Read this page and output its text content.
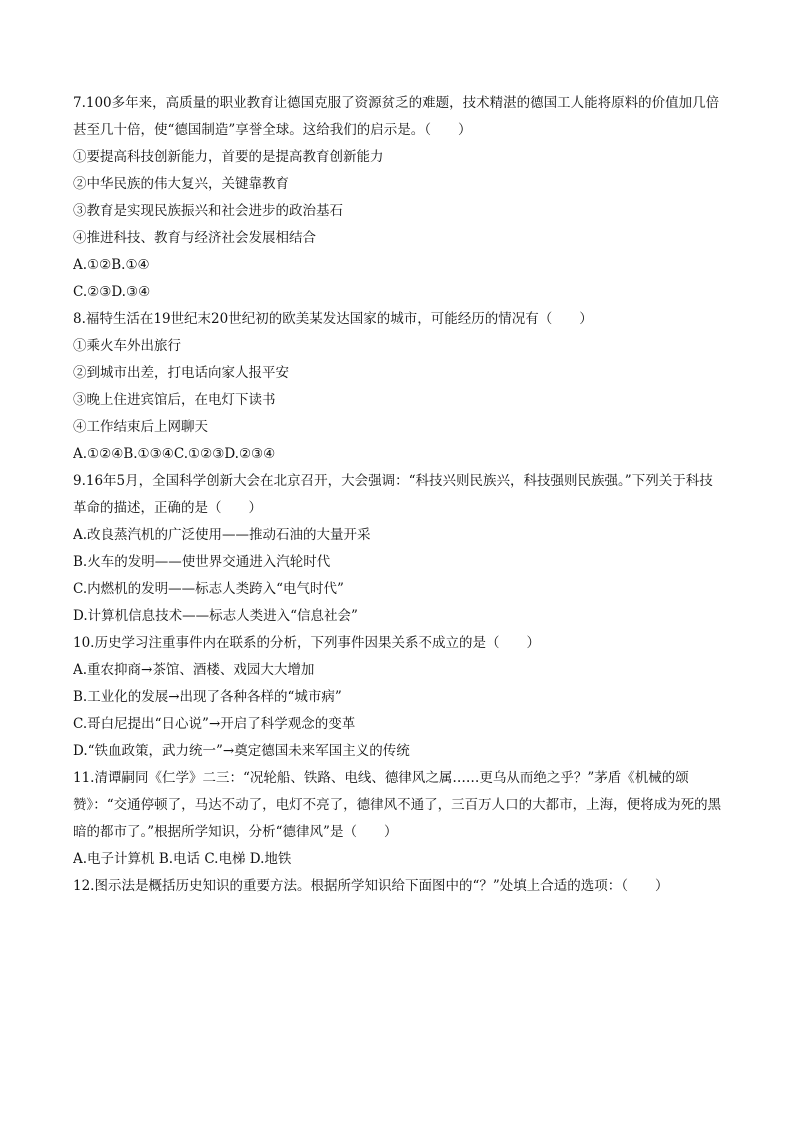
7.100多年来，高质量的职业教育让德国克服了资源贫乏的难题，技术精湛的德国工人能将原料的价值加几倍甚至几十倍，使“德国制造”享誉全球。这给我们的启示是。（　　）
①要提高科技创新能力，首要的是提高教育创新能力
②中华民族的伟大复兴，关键靠教育
③教育是实现民族振兴和社会进步的政治基石
④推进科技、教育与经济社会发展相结合
A.①②B.①④
C.②③D.③④
8.福特生活在19世纪末20世纪初的欧美某发达国家的城市，可能经历的情况有（　　）
①乘火车外出旅行
②到城市出差，打电话向家人报平安
③晚上住进宾馆后，在电灯下读书
④工作结束后上网聊天
A.①②④B.①③④C.①②③D.②③④
9.16年5月，全国科学创新大会在北京召开，大会强调：“科技兴则民族兴，科技强则民族强。”下列关于科技革命的描述，正确的是（　　）
A.改良蒸汽机的广泛使用——推动石油的大量开采
B.火车的发明——使世界交通进入汽轮时代
C.内燃机的发明——标志人类跨入“电气时代”
D.计算机信息技术——标志人类进入“信息社会”
10.历史学习注重事件内在联系的分析，下列事件因果关系不成立的是（　　）
A.重农抑商→茶馆、酒楼、戏园大大增加
B.工业化的发展→出现了各种各样的“城市病”
C.哥白尼提出“日心说”→开启了科学观念的变革
D.“铁血政策，武力统一”→奠定德国未来军国主义的传统
11.清谭嗣同《仁学》二三：“况轮船、铁路、电线、德律风之属……更乌从而绝之乎？”茅盾《机械的颂赞》：“交通停顿了，马达不动了，电灯不亮了，德律风不通了，三百万人口的大都市，上海，便将成为死的黑暗的都市了。”根据所学知识，分析“德律风”是（　　）
A.电子计算机 B.电话 C.电梯 D.地铁
12.图示法是概括历史知识的重要方法。根据所学知识给下面图中的“？”处填上合适的选项：（　　）
